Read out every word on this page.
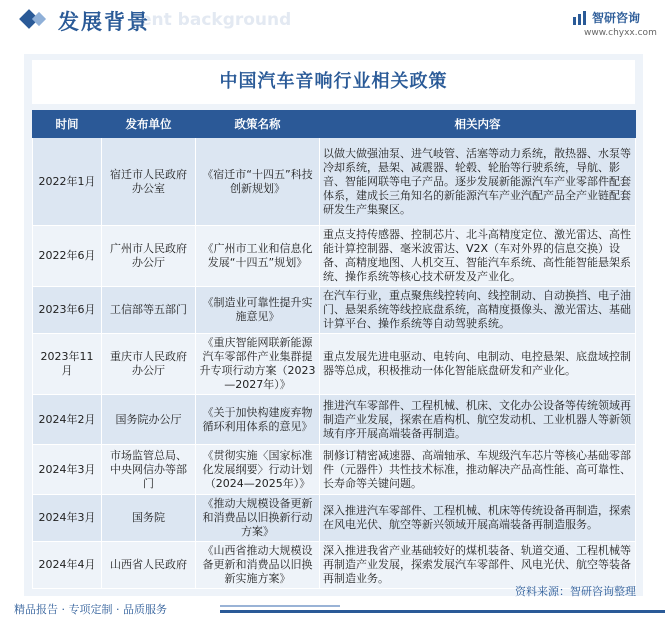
ent background
发展背景	智研咨询
www.chyxx.com
中国汽车音响行业相关政策
时间	发布单位	政策名称	相关内容
2022年1月	宿迁市人民政府办公室	《宿迁市“十四五”科技创新规划》	以做大做强油泵、进气岐管、活塞等动力系统，散热器、水泵等冷却系统，悬架、减震器、轮毂、轮胎等行驶系统，导航、影音、智能网联等电子产品。逐步发展新能源汽车产业零部件配套体系，建成长三角知名的新能源汽车产业汽配产品全产业链配套研发生产集聚区。
2022年6月	广州市人民政府办公厅	《广州市工业和信息化发展“十四五”规划》	重点支持传感器、控制芯片、北斗高精度定位、激光雷达、高性能计算控制器、毫米波雷达、V2X（车对外界的信息交换）设备、高精度地图、人机交互、智能汽车系统、高性能智能悬架系统、操作系统等核心技术研发及产业化。
2023年6月	工信部等五部门	《制造业可靠性提升实施意见》	在汽车行业，重点聚焦线控转向、线控制动、自动换挡、电子油门、悬架系统等线控底盘系统，高精度摄像头、激光雷达、基础计算平台、操作系统等自动驾驶系统。
2023年11月	重庆市人民政府办公厅	《重庆智能网联新能源汽车零部件产业集群提升专项行动方案（2023—2027年）》	重点发展先进电驱动、电转向、电制动、电控悬架、底盘域控制器等总成，积极推动一体化智能底盘研发和产业化。
2024年2月	国务院办公厅	《关于加快构建废弃物循环利用体系的意见》	推进汽车零部件、工程机械、机床、文化办公设备等传统领域再制造产业发展，探索在盾构机、航空发动机、工业机器人等新领域有序开展高端装备再制造。
2024年3月	市场监管总局、中央网信办等部门	《贯彻实施〈国家标准化发展纲要〉行动计划（2024—2025年）》	制修订精密减速器、高端轴承、车规级汽车芯片等核心基础零部件（元器件）共性技术标准，推动解决产品高性能、高可靠性、长寿命等关键问题。
2024年3月	国务院	《推动大规模设备更新和消费品以旧换新行动方案》	深入推进汽车零部件、工程机械、机床等传统设备再制造，探索在风电光伏、航空等新兴领域开展高端装备再制造服务。
2024年4月	山西省人民政府	《山西省推动大规模设备更新和消费品以旧换新实施方案》	深入推进我省产业基础较好的煤机装备、轨道交通、工程机械等再制造产业发展，探索发展汽车零部件、风电光伏、航空等装备再制造业务。
资料来源：智研咨询整理
精品报告 · 专项定制 · 品质服务
